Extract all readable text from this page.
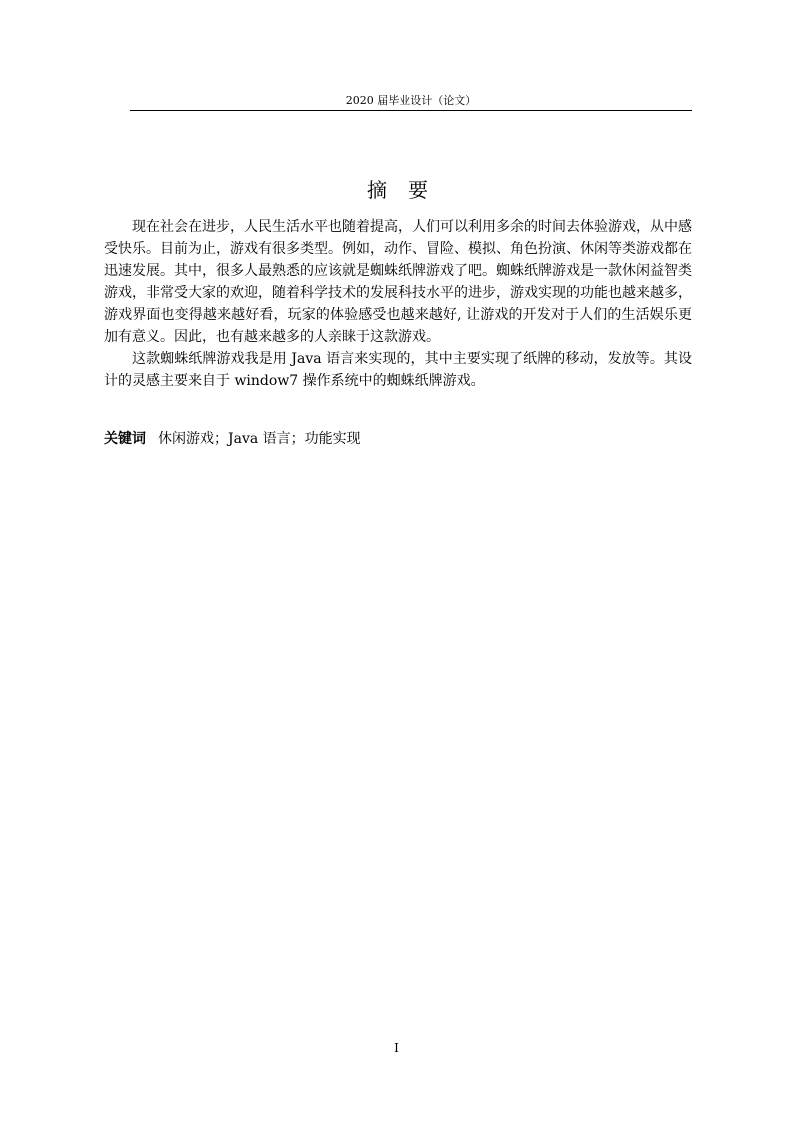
2020 届毕业设计（论文）
摘 要

现在社会在进步，人民生活水平也随着提高，人们可以利用多余的时间去体验游戏，从中感受快乐。目前为止，游戏有很多类型。例如，动作、冒险、模拟、角色扮演、休闲等类游戏都在迅速发展。其中，很多人最熟悉的应该就是蜘蛛纸牌游戏了吧。蜘蛛纸牌游戏是一款休闲益智类游戏，非常受大家的欢迎，随着科学技术的发展科技水平的进步，游戏实现的功能也越来越多，游戏界面也变得越来越好看，玩家的体验感受也越来越好, 让游戏的开发对于人们的生活娱乐更加有意义。因此，也有越来越多的人亲睐于这款游戏。

这款蜘蛛纸牌游戏我是用 Java 语言来实现的，其中主要实现了纸牌的移动，发放等。其设计的灵感主要来自于 window7 操作系统中的蜘蛛纸牌游戏。

关键词 休闲游戏；Java 语言；功能实现
I
